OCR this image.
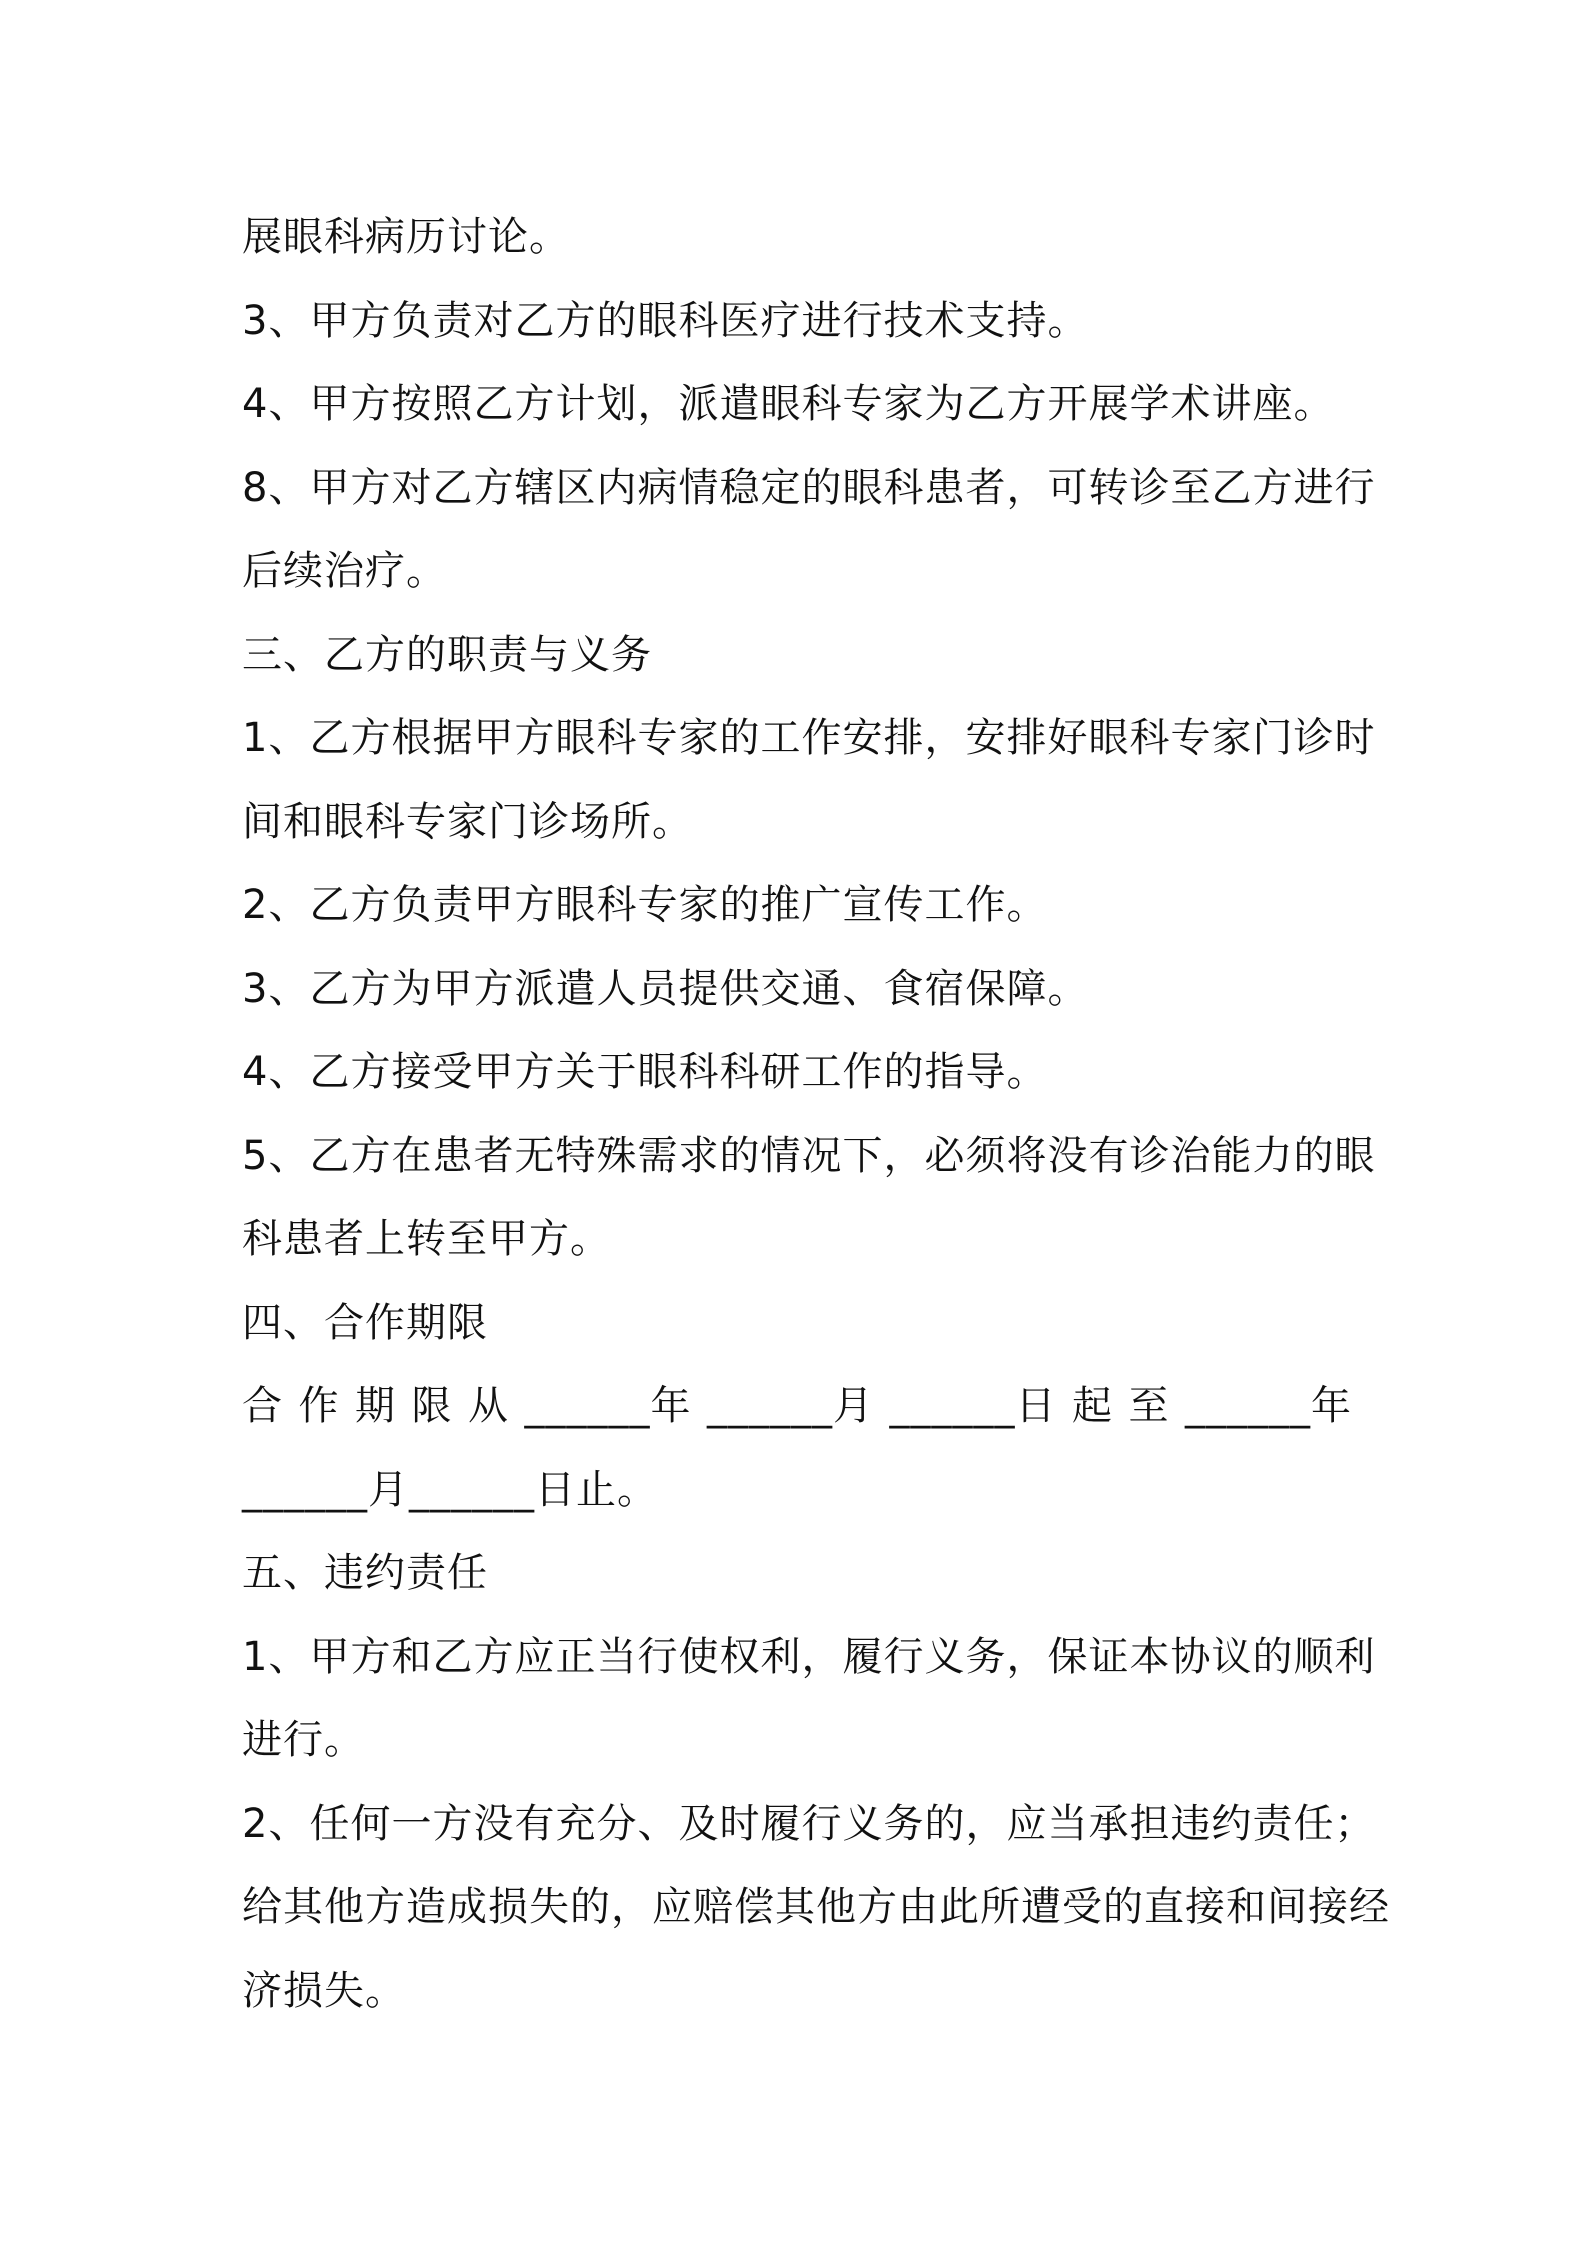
展眼科病历讨论。
3、甲方负责对乙方的眼科医疗进行技术支持。
4、甲方按照乙方计划，派遣眼科专家为乙方开展学术讲座。
8、甲方对乙方辖区内病情稳定的眼科患者，可转诊至乙方进行
后续治疗。
三、乙方的职责与义务
1、乙方根据甲方眼科专家的工作安排，安排好眼科专家门诊时
间和眼科专家门诊场所。
2、乙方负责甲方眼科专家的推广宣传工作。
3、乙方为甲方派遣人员提供交通、食宿保障。
4、乙方接受甲方关于眼科科研工作的指导。
5、乙方在患者无特殊需求的情况下，必须将没有诊治能力的眼
科患者上转至甲方。
四、合作期限
合 作 期 限 从 ______年 ______月 ______日 起 至 ______年
______月______日止。
五、违约责任
1、甲方和乙方应正当行使权利，履行义务，保证本协议的顺利
进行。
2、任何一方没有充分、及时履行义务的，应当承担违约责任；
给其他方造成损失的，应赔偿其他方由此所遭受的直接和间接经
济损失。
